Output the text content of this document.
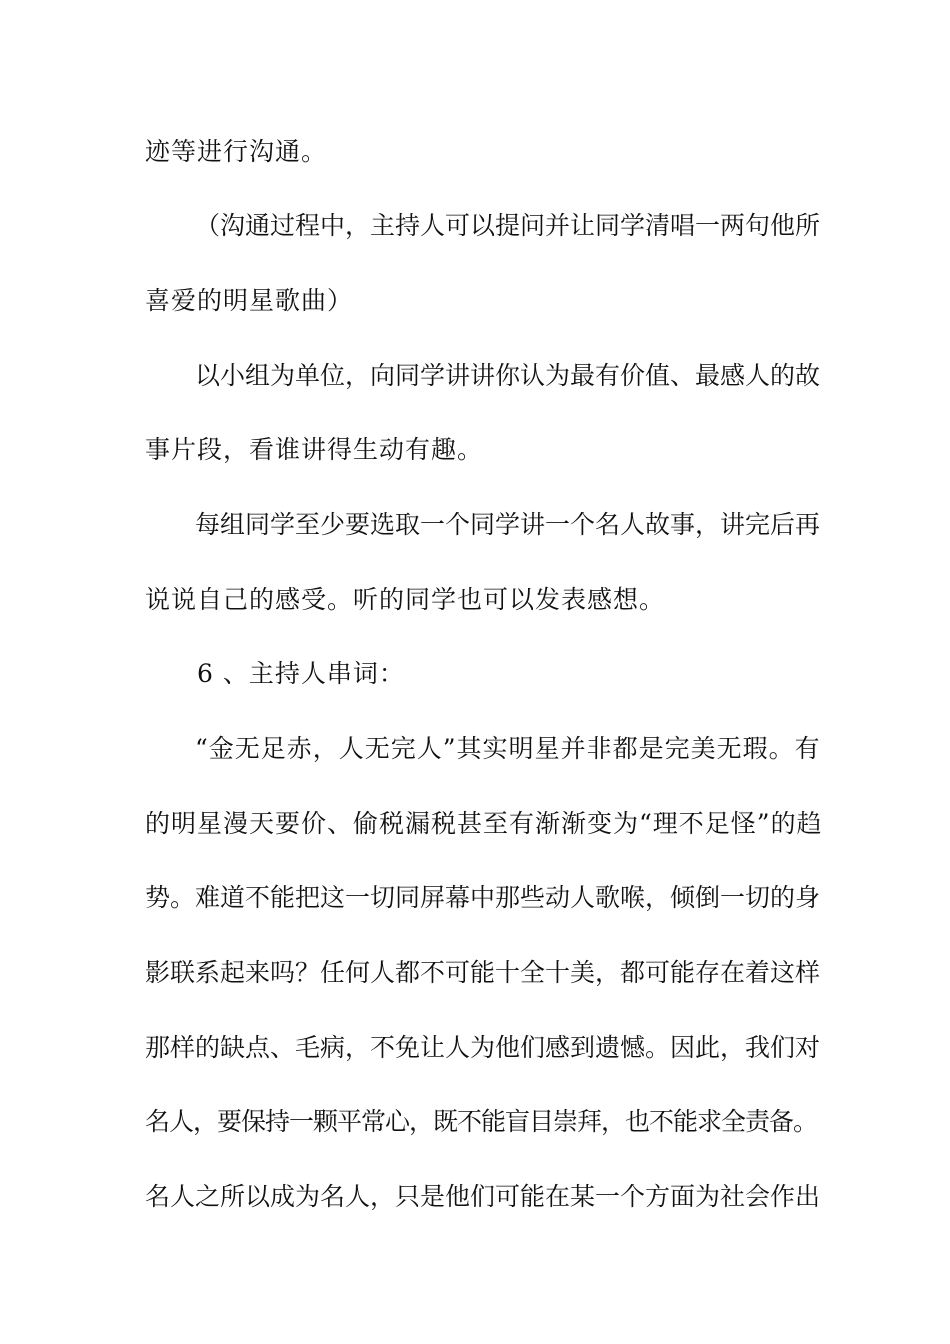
迹等进行沟通。
（沟通过程中，主持人可以提问并让同学清唱一两句他所
喜爱的明星歌曲）
以小组为单位，向同学讲讲你认为最有价值、最感人的故
事片段，看谁讲得生动有趣。
每组同学至少要选取一个同学讲一个名人故事，讲完后再
说说自己的感受。听的同学也可以发表感想。
6 、主持人串词：
“金无足赤，人无完人”其实明星并非都是完美无瑕。有
的明星漫天要价、偷税漏税甚至有渐渐变为“理不足怪”的趋
势。难道不能把这一切同屏幕中那些动人歌喉，倾倒一切的身
影联系起来吗？任何人都不可能十全十美，都可能存在着这样
那样的缺点、毛病，不免让人为他们感到遗憾。因此，我们对
名人，要保持一颗平常心，既不能盲目崇拜，也不能求全责备。
名人之所以成为名人，只是他们可能在某一个方面为社会作出
